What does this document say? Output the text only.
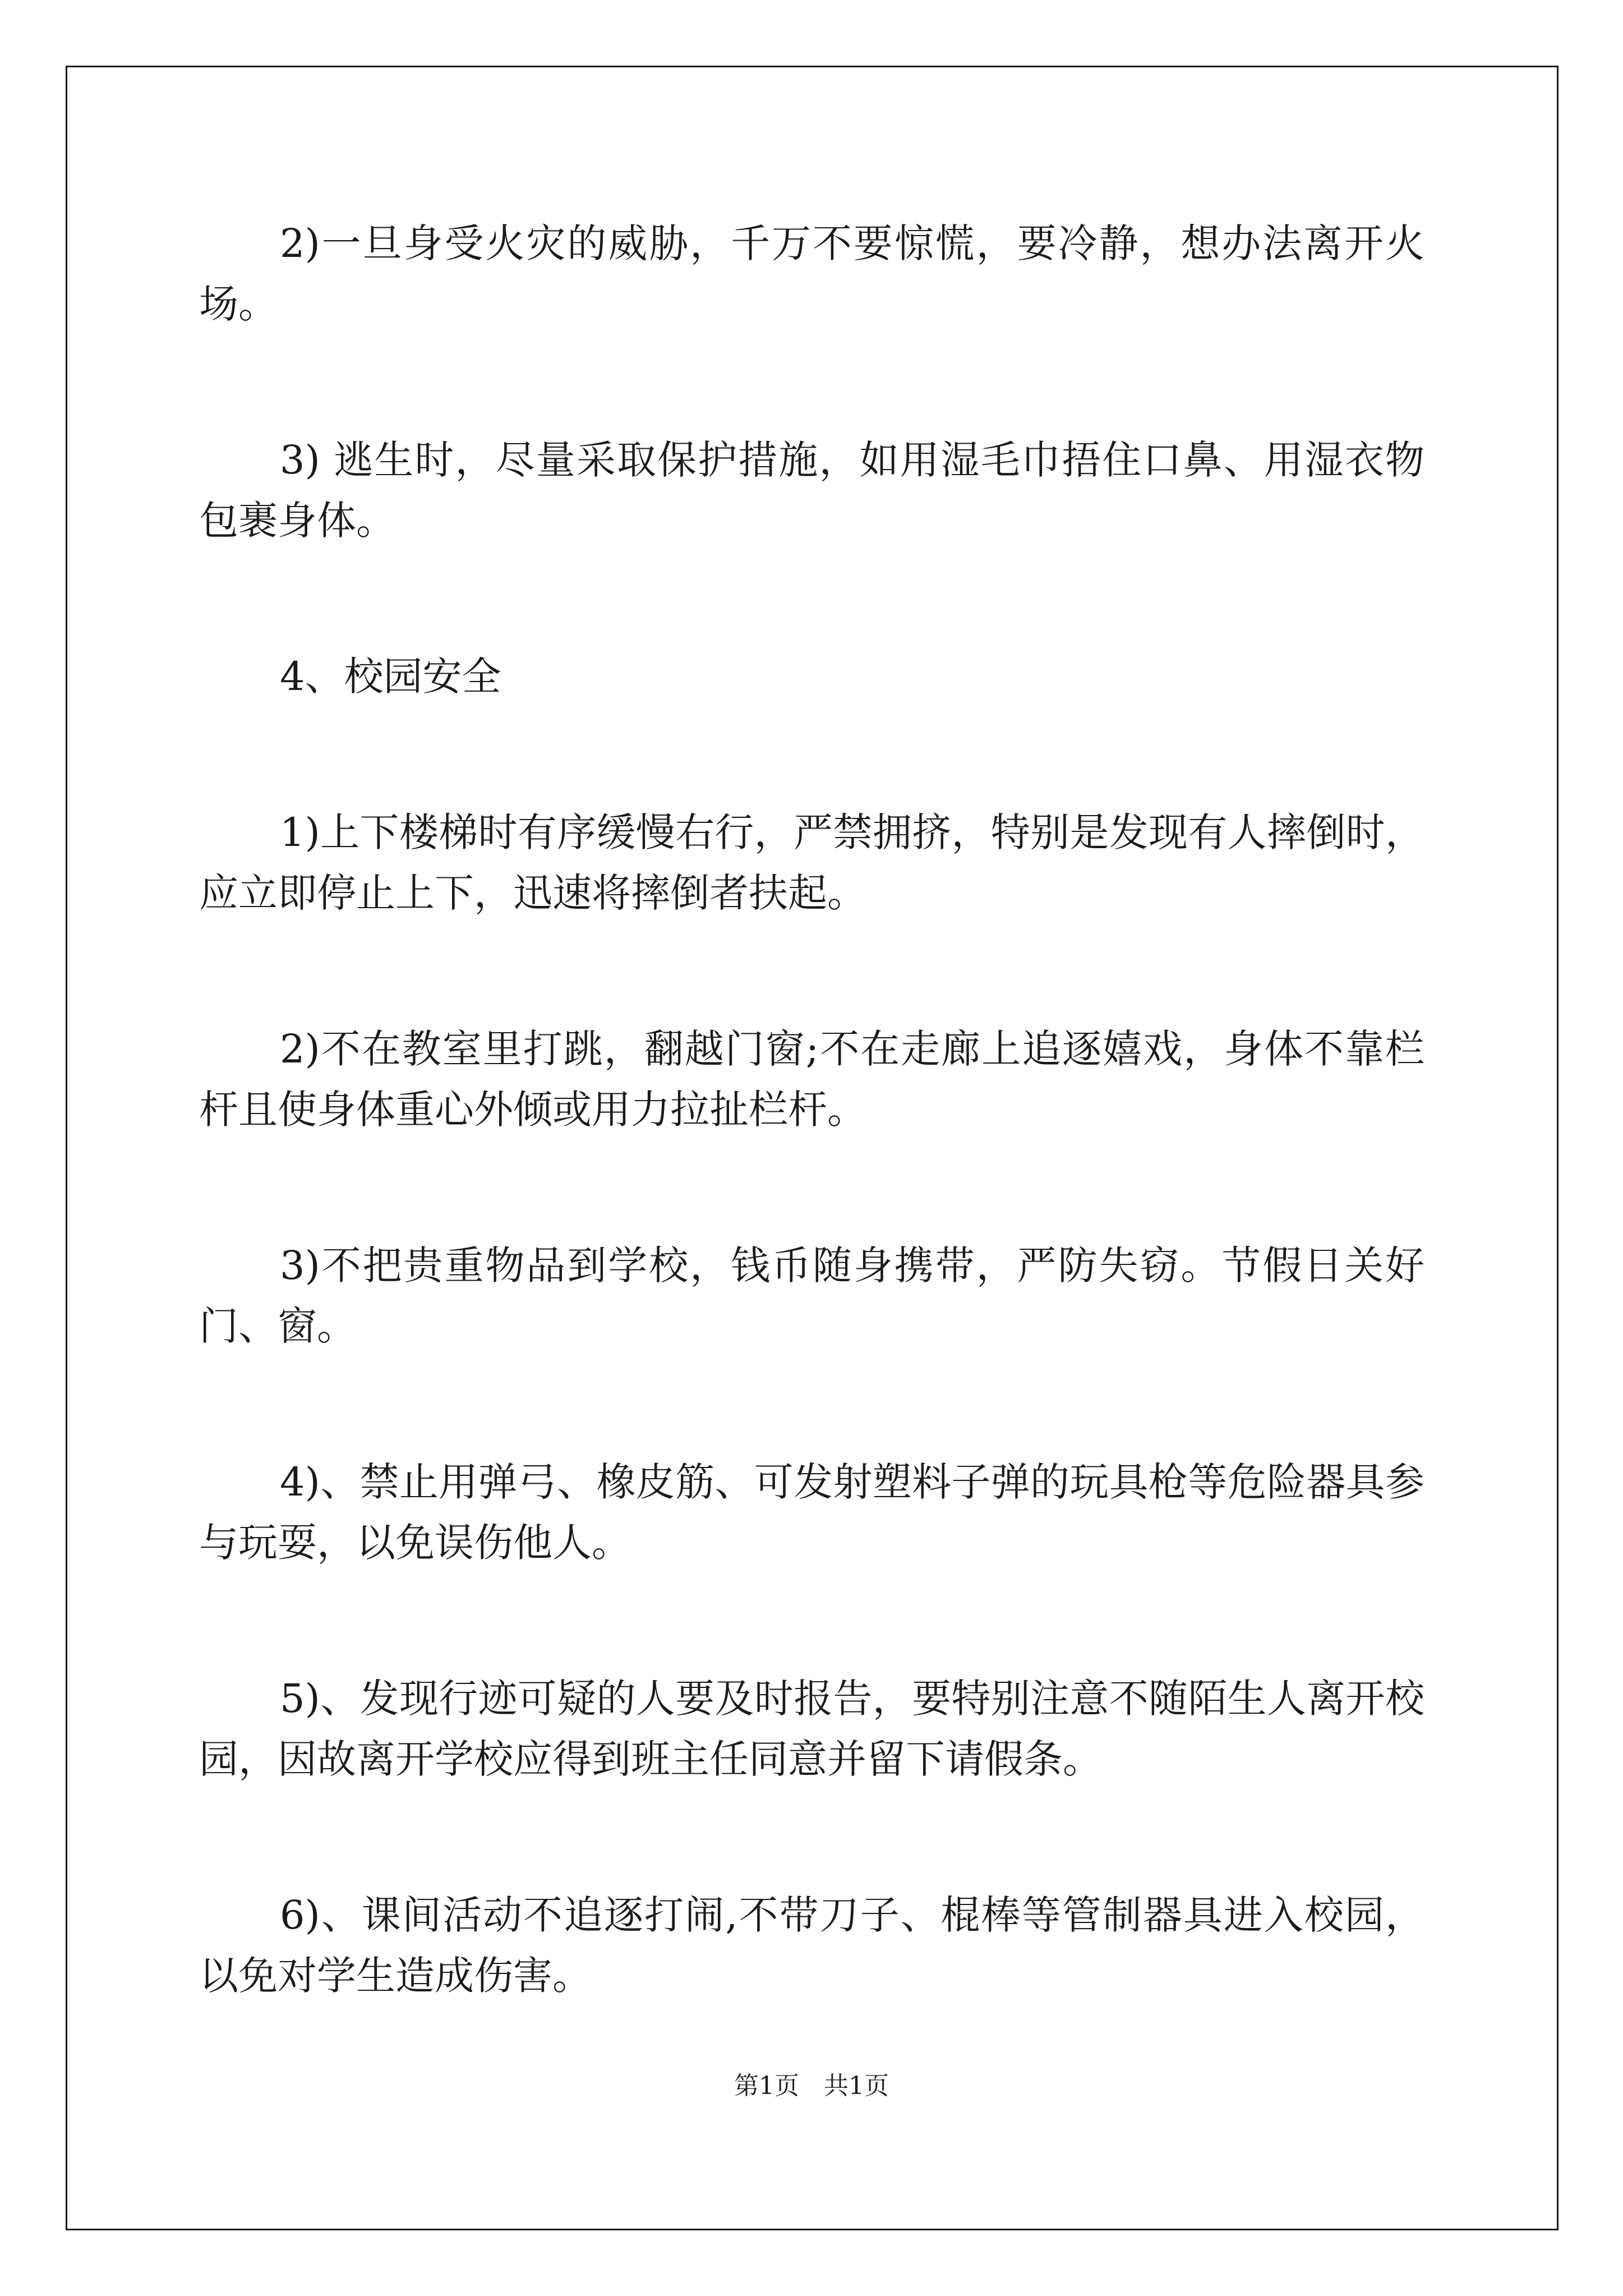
2)一旦身受火灾的威胁，千万不要惊慌，要冷静，想办法离开火场。

3) 逃生时，尽量采取保护措施，如用湿毛巾捂住口鼻、用湿衣物包裹身体。

4、校园安全

1)上下楼梯时有序缓慢右行，严禁拥挤，特别是发现有人摔倒时，应立即停止上下，迅速将摔倒者扶起。

2)不在教室里打跳，翻越门窗;不在走廊上追逐嬉戏，身体不靠栏杆且使身体重心外倾或用力拉扯栏杆。

3)不把贵重物品到学校，钱币随身携带，严防失窃。节假日关好门、窗。

4)、禁止用弹弓、橡皮筋、可发射塑料子弹的玩具枪等危险器具参与玩耍，以免误伤他人。

5)、发现行迹可疑的人要及时报告，要特别注意不随陌生人离开校园，因故离开学校应得到班主任同意并留下请假条。

6)、课间活动不追逐打闹,不带刀子、棍棒等管制器具进入校园，以免对学生造成伤害。

第1页　共1页
